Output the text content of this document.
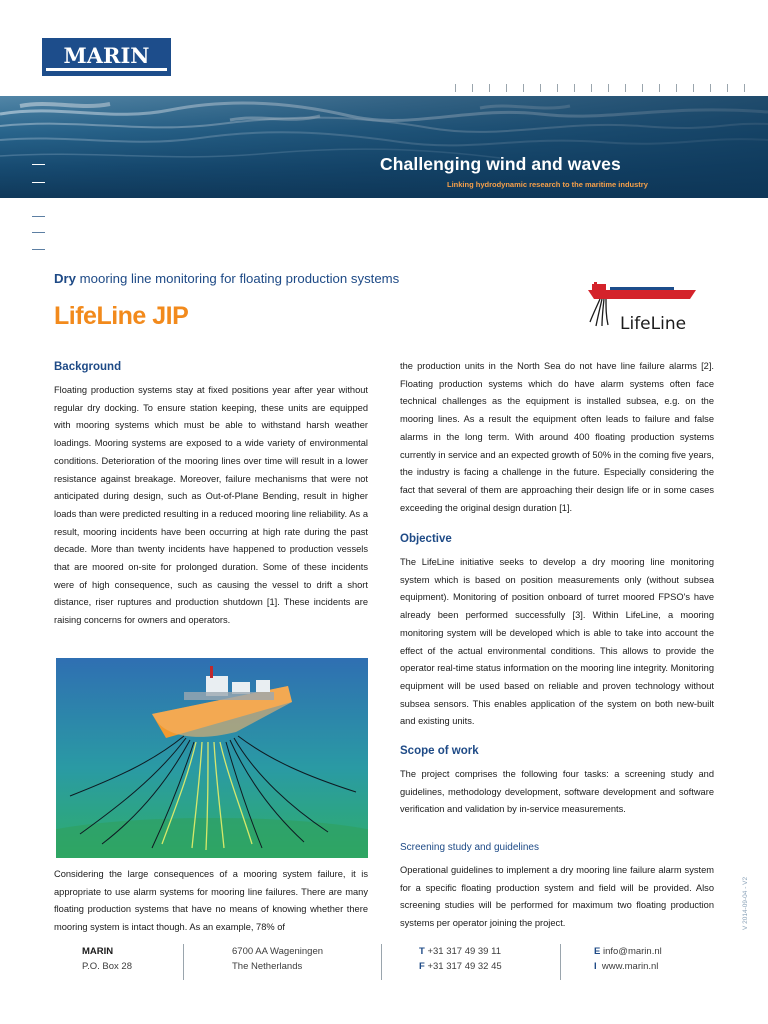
MARIN
Challenging wind and waves
Linking hydrodynamic research to the maritime industry
Dry mooring line monitoring for floating production systems
LifeLine JIP	LifeLine
Background
Floating production systems stay at fixed positions year after year without regular dry docking. To ensure station keeping, these units are equipped with mooring systems which must be able to withstand harsh weather loadings. Mooring systems are exposed to a wide variety of environmental conditions. Deterioration of the mooring lines over time will result in a lower resistance against breakage. Moreover, failure mechanisms that were not anticipated during design, such as Out-of-Plane Bending, result in higher loads than were predicted resulting in a reduced mooring line reliability. As a result, mooring incidents have been occurring at high rate during the past decade. More than twenty incidents have happened to production vessels that are moored on-site for prolonged duration. Some of these incidents were of high consequence, such as causing the vessel to drift a short distance, riser ruptures and production shutdown [1]. These incidents are raising concerns for owners and operators.
Considering the large consequences of a mooring system failure, it is appropriate to use alarm systems for mooring line failures. There are many floating production systems that have no means of knowing whether there mooring system is intact though. As an example, 78% of
the production units in the North Sea do not have line failure alarms [2]. Floating production systems which do have alarm systems often face technical challenges as the equipment is installed subsea, e.g. on the mooring lines. As a result the equipment often leads to failure and false alarms in the long term. With around 400 floating production systems currently in service and an expected growth of 50% in the coming five years, the industry is facing a challenge in the future. Especially considering the fact that several of them are approaching their design life or in some cases exceeding the original design duration [1].
Objective
The LifeLine initiative seeks to develop a dry mooring line monitoring system which is based on position measurements only (without subsea equipment). Monitoring of position onboard of turret moored FPSO's have already been performed successfully [3]. Within LifeLine, a mooring monitoring system will be developed which is able to take into account the effect of the actual environmental conditions. This allows to provide the operator real-time status information on the mooring line integrity. Monitoring equipment will be used based on reliable and proven technology without subsea sensors. This enables application of the system on both new-built and existing units.
Scope of work
The project comprises the following four tasks: a screening study and guidelines, methodology development, software development and software verification and validation by in-service measurements.
Screening study and guidelines
Operational guidelines to implement a dry mooring line failure alarm system for a specific floating production system and field will be provided. Also screening studies will be performed for maximum two floating production systems per operator joining the project.	V 2014-09-04 - V2
MARIN
P.O. Box 28
6700 AA Wageningen
The Netherlands
T +31 317 49 39 11
F +31 317 49 32 45
E info@marin.nl
I www.marin.nl
